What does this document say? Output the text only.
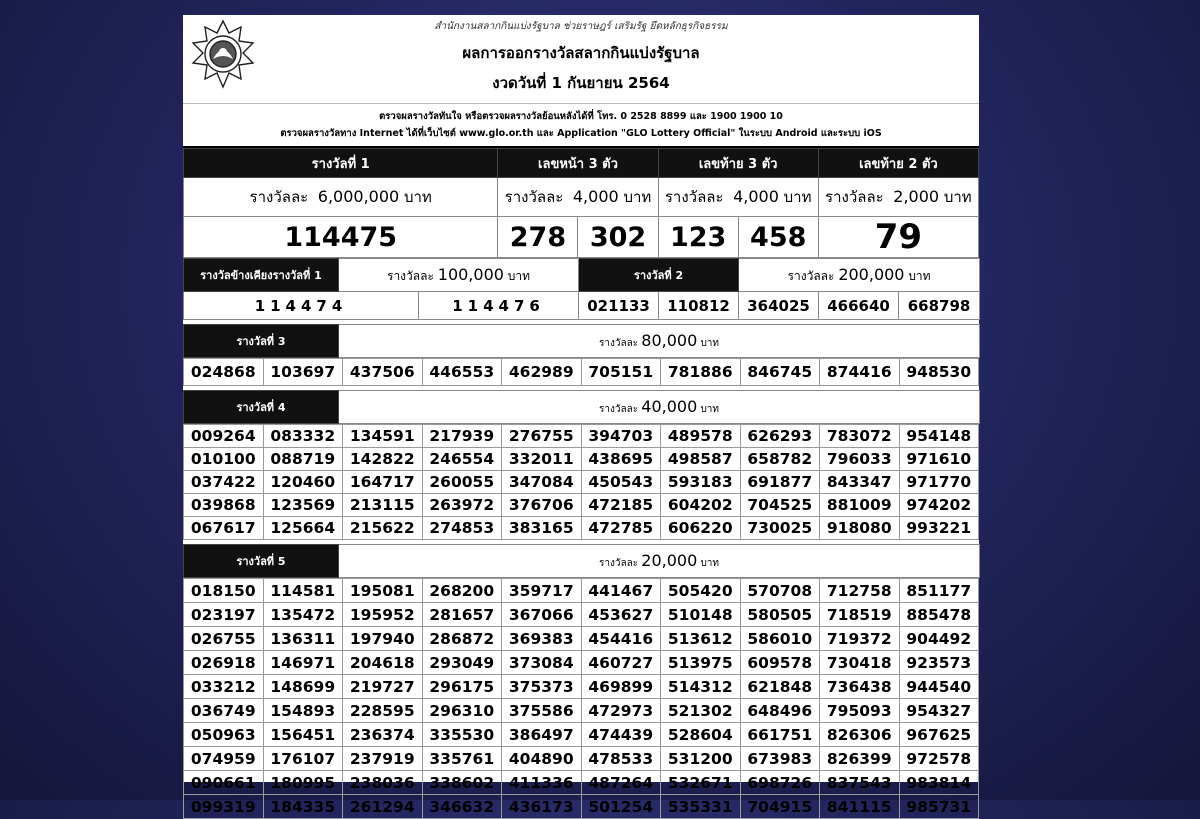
สำนักงานสลากกินแบ่งรัฐบาล ช่วยราษฎร์ เสริมรัฐ ยึดหลักธุรกิจธรรม
ผลการออกรางวัลสลากกินแบ่งรัฐบาล
งวดวันที่ 1 กันยายน 2564
ตรวจผลรางวัลทันใจ หรือตรวจผลรางวัลย้อนหลังได้ที่ โทร. 0 2528 8899 และ 1900 1900 10
ตรวจผลรางวัลทาง Internet ได้ที่เว็บไซต์ www.glo.or.th และ Application "GLO Lottery Official" ในระบบ Android และระบบ iOS
รางวัลที่ 1	เลขหน้า 3 ตัว		เลขท้าย 3 ตัว		เลขท้าย 2 ตัว
รางวัลละ 6,000,000 บาท	รางวัลละ 4,000 บาท		รางวัลละ 4,000 บาท		รางวัลละ 2,000 บาท
114475	278	302	123	458	79
รางวัลข้างเคียงรางวัลที่ 1	รางวัลละ 100,000 บาท		รางวัลที่ 2		รางวัลละ 200,000 บาท		
114474		114476	021133	110812	364025	466640	668798
รางวัลที่ 3	รางวัลละ 80,000 บาท
024868	103697	437506	446553	462989	705151	781886	846745	874416	948530
รางวัลที่ 4	รางวัลละ 40,000 บาท
009264	083332	134591	217939	276755	394703	489578	626293	783072	954148
010100	088719	142822	246554	332011	438695	498587	658782	796033	971610
037422	120460	164717	260055	347084	450543	593183	691877	843347	971770
039868	123569	213115	263972	376706	472185	604202	704525	881009	974202
067617	125664	215622	274853	383165	472785	606220	730025	918080	993221
รางวัลที่ 5	รางวัลละ 20,000 บาท
018150	114581	195081	268200	359717	441467	505420	570708	712758	851177
023197	135472	195952	281657	367066	453627	510148	580505	718519	885478
026755	136311	197940	286872	369383	454416	513612	586010	719372	904492
026918	146971	204618	293049	373084	460727	513975	609578	730418	923573
033212	148699	219727	296175	375373	469899	514312	621848	736438	944540
036749	154893	228595	296310	375586	472973	521302	648496	795093	954327
050963	156451	236374	335530	386497	474439	528604	661751	826306	967625
074959	176107	237919	335761	404890	478533	531200	673983	826399	972578
090661	180995	238036	338602	411336	487264	532671	698726	837543	983814
099319	184335	261294	346632	436173	501254	535331	704915	841115	985731
